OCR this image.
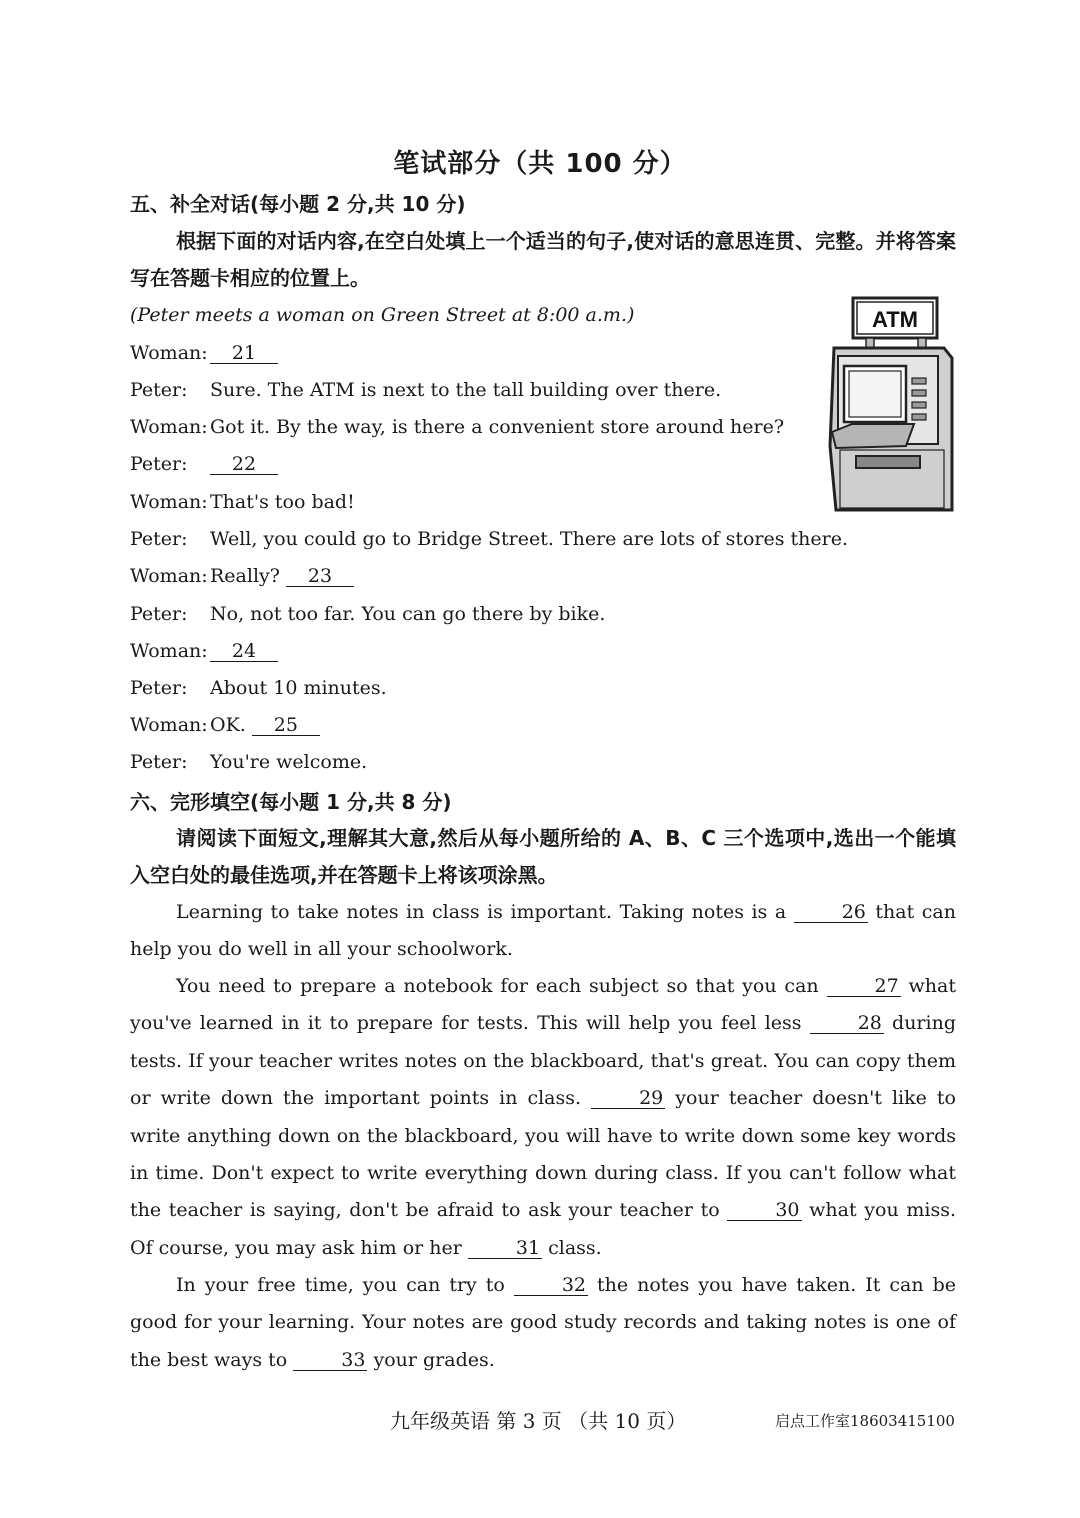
笔试部分（共 100 分）
五、补全对话(每小题 2 分,共 10 分)
根据下面的对话内容,在空白处填上一个适当的句子,使对话的意思连贯、完整。并将答案写在答题卡相应的位置上。
(Peter meets a woman on Green Street at 8:00 a.m.)
Woman: 21
Peter: Sure. The ATM is next to the tall building over there.
Woman: Got it. By the way, is there a convenient store around here?
Peter: 22
Woman: That's too bad!
Peter: Well, you could go to Bridge Street. There are lots of stores there.
Woman: Really? 23
Peter: No, not too far. You can go there by bike.
Woman: 24
Peter: About 10 minutes.
Woman: OK. 25
Peter: You're welcome.
ATM
六、完形填空(每小题 1 分,共 8 分)
请阅读下面短文,理解其大意,然后从每小题所给的 A、B、C 三个选项中,选出一个能填入空白处的最佳选项,并在答题卡上将该项涂黑。
Learning to take notes in class is important. Taking notes is a	26 that can help you do well in all your schoolwork.
You need to prepare a notebook for each subject so that you can	27 what you've learned in it to prepare for tests. This will help you feel less	28 during tests. If your teacher writes notes on the blackboard, that's great. You can copy them or write down the important points in class.	29 your teacher doesn't like to write anything down on the blackboard, you will have to write down some key words in time. Don't expect to write everything down during class. If you can't follow what the teacher is saying, don't be afraid to ask your teacher to	30 what you miss. Of course, you may ask him or her	31 class.
In your free time, you can try to	32 the notes you have taken. It can be good for your learning. Your notes are good study records and taking notes is one of the best ways to	33 your grades.
九年级英语 第 3 页 （共 10 页）	启点工作室18603415100
